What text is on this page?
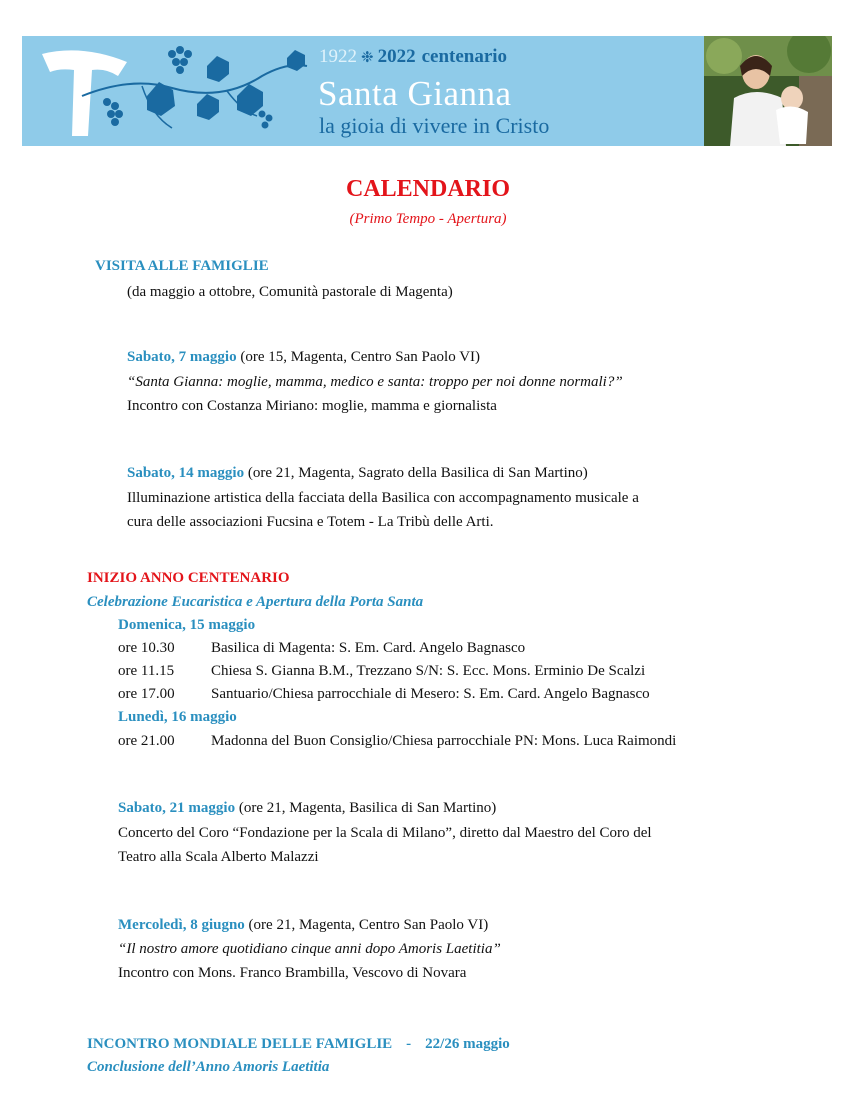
1922 ❉ 2022 centenario
Santa Gianna
la gioia di vivere in Cristo
CALENDARIO
(Primo Tempo - Apertura)
VISITA ALLE FAMIGLIE
(da maggio a ottobre, Comunità pastorale di Magenta)
Sabato, 7 maggio (ore 15, Magenta, Centro San Paolo VI)
“Santa Gianna: moglie, mamma, medico e santa: troppo per noi donne normali?”
Incontro con Costanza Miriano: moglie, mamma e giornalista
Sabato, 14 maggio (ore 21, Magenta, Sagrato della Basilica di San Martino)
Illuminazione artistica della facciata della Basilica con accompagnamento musicale a
cura delle associazioni Fucsina e Totem - La Tribù delle Arti.
INIZIO ANNO CENTENARIO
Celebrazione Eucaristica e Apertura della Porta Santa
Domenica, 15 maggio
ore 10.30 Basilica di Magenta: S. Em. Card. Angelo Bagnasco
ore 11.15 Chiesa S. Gianna B.M., Trezzano S/N: S. Ecc. Mons. Erminio De Scalzi
ore 17.00 Santuario/Chiesa parrocchiale di Mesero: S. Em. Card. Angelo Bagnasco
Lunedì, 16 maggio
ore 21.00 Madonna del Buon Consiglio/Chiesa parrocchiale PN: Mons. Luca Raimondi
Sabato, 21 maggio (ore 21, Magenta, Basilica di San Martino)
Concerto del Coro “Fondazione per la Scala di Milano”, diretto dal Maestro del Coro del
Teatro alla Scala Alberto Malazzi
Mercoledì, 8 giugno (ore 21, Magenta, Centro San Paolo VI)
“Il nostro amore quotidiano cinque anni dopo Amoris Laetitia”
Incontro con Mons. Franco Brambilla, Vescovo di Novara
INCONTRO MONDIALE DELLE FAMIGLIE - 22/26 maggio
Conclusione dell’Anno Amoris Laetitia
